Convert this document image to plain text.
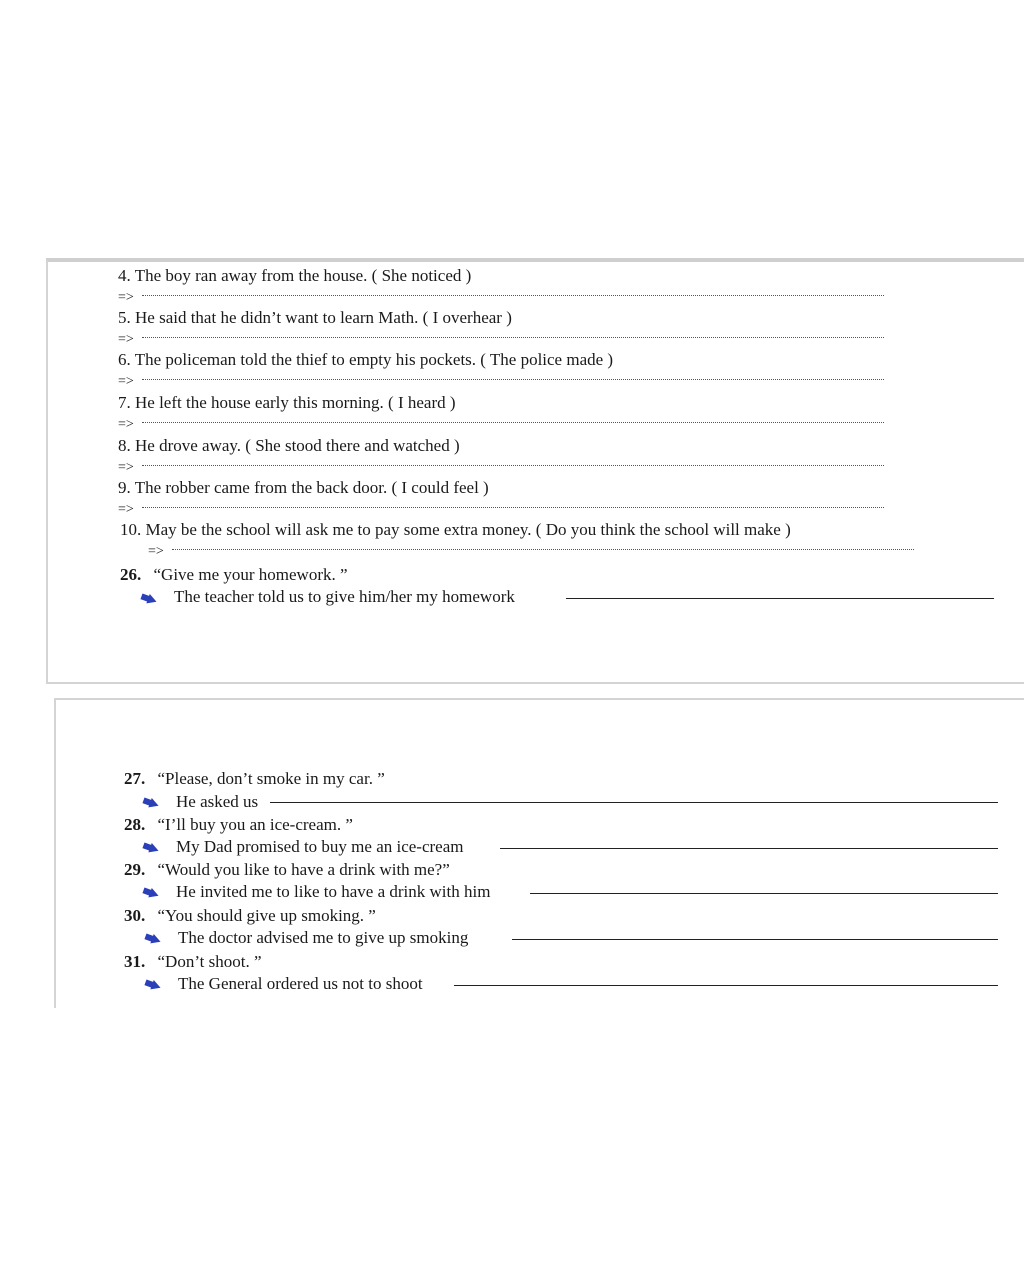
4. The boy ran away from the house. ( She noticed )
=>
5. He said that he didn’t want to learn Math. ( I overhear )
=>
6. The policeman told the thief to empty his pockets. ( The police made )
=>
7. He left the house early this morning. ( I heard )
=>
8. He drove away. ( She stood there and watched )
=>
9. The robber came from the back door. ( I could feel )
=>
10. May be the school will ask me to pay some extra money. ( Do you think the school will make )
=>
26. “Give me your homework. ”
The teacher told us to give him/her my homework
27. “Please, don’t smoke in my car. ”
He asked us
28. “I’ll buy you an ice-cream. ”
My Dad promised to buy me an ice-cream
29. “Would you like to have a drink with me?”
He invited me to like to have a drink with him
30. “You should give up smoking. ”
The doctor advised me to give up smoking
31. “Don’t shoot. ”
The General ordered us not to shoot
